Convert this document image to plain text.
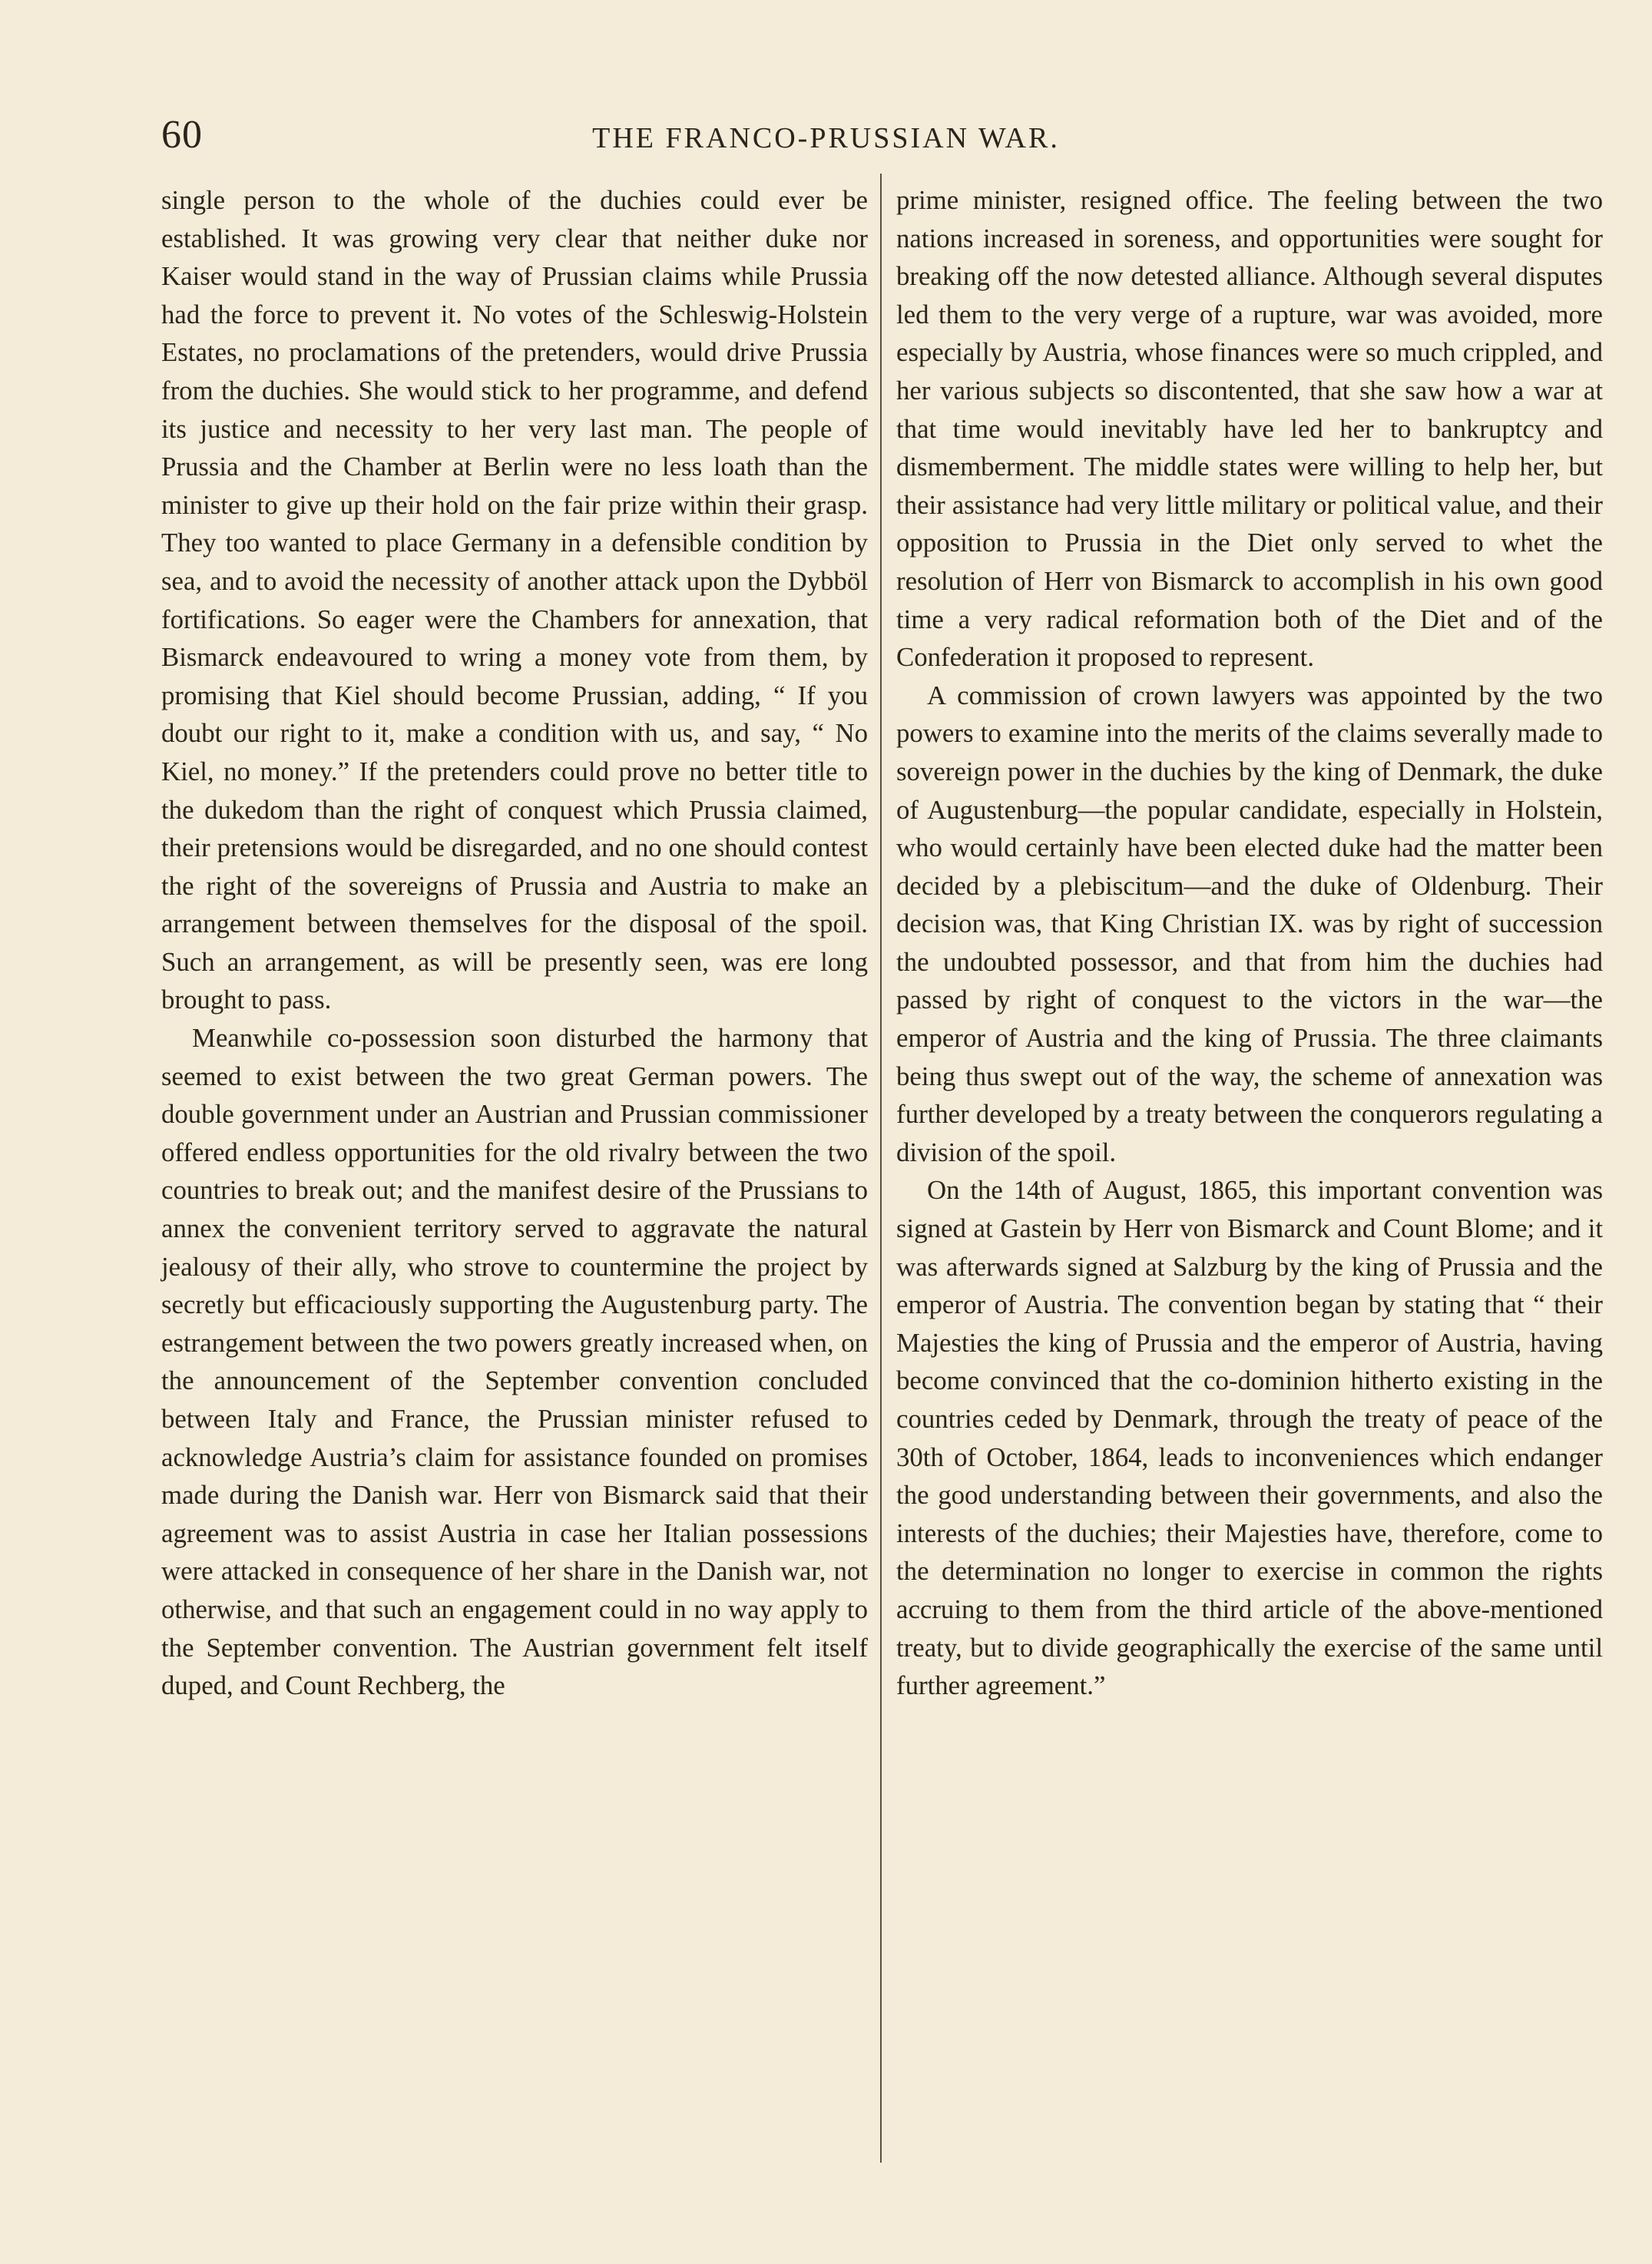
60	THE FRANCO-PRUSSIAN WAR.

single person to the whole of the duchies could ever be established. It was growing very clear that neither duke nor Kaiser would stand in the way of Prussian claims while Prussia had the force to prevent it. No votes of the Schleswig-Holstein Estates, no proclamations of the pretenders, would drive Prussia from the duchies. She would stick to her programme, and defend its justice and necessity to her very last man. The people of Prussia and the Chamber at Berlin were no less loath than the minister to give up their hold on the fair prize within their grasp. They too wanted to place Germany in a defensible condition by sea, and to avoid the necessity of another attack upon the Dybböl fortifications. So eager were the Chambers for annexation, that Bismarck endeavoured to wring a money vote from them, by promising that Kiel should become Prussian, adding, “ If you doubt our right to it, make a condition with us, and say, “ No Kiel, no money.” If the pretenders could prove no better title to the dukedom than the right of conquest which Prussia claimed, their pretensions would be disregarded, and no one should contest the right of the sovereigns of Prussia and Austria to make an arrangement between themselves for the disposal of the spoil. Such an arrangement, as will be presently seen, was ere long brought to pass.

Meanwhile co-possession soon disturbed the harmony that seemed to exist between the two great German powers. The double government under an Austrian and Prussian commissioner offered endless opportunities for the old rivalry between the two countries to break out; and the manifest desire of the Prussians to annex the convenient territory served to aggravate the natural jealousy of their ally, who strove to countermine the project by secretly but efficaciously supporting the Augustenburg party. The estrangement between the two powers greatly increased when, on the announcement of the September convention concluded between Italy and France, the Prussian minister refused to acknowledge Austria’s claim for assistance founded on promises made during the Danish war. Herr von Bismarck said that their agreement was to assist Austria in case her Italian possessions were attacked in consequence of her share in the Danish war, not otherwise, and that such an engagement could in no way apply to the September convention. The Austrian government felt itself duped, and Count Rechberg, the

prime minister, resigned office. The feeling between the two nations increased in soreness, and opportunities were sought for breaking off the now detested alliance. Although several disputes led them to the very verge of a rupture, war was avoided, more especially by Austria, whose finances were so much crippled, and her various subjects so discontented, that she saw how a war at that time would inevitably have led her to bankruptcy and dismemberment. The middle states were willing to help her, but their assistance had very little military or political value, and their opposition to Prussia in the Diet only served to whet the resolution of Herr von Bismarck to accomplish in his own good time a very radical reformation both of the Diet and of the Confederation it proposed to represent.

A commission of crown lawyers was appointed by the two powers to examine into the merits of the claims severally made to sovereign power in the duchies by the king of Denmark, the duke of Augustenburg—the popular candidate, especially in Holstein, who would certainly have been elected duke had the matter been decided by a plebiscitum—and the duke of Oldenburg. Their decision was, that King Christian IX. was by right of succession the undoubted possessor, and that from him the duchies had passed by right of conquest to the victors in the war—the emperor of Austria and the king of Prussia. The three claimants being thus swept out of the way, the scheme of annexation was further developed by a treaty between the conquerors regulating a division of the spoil.

On the 14th of August, 1865, this important convention was signed at Gastein by Herr von Bismarck and Count Blome; and it was afterwards signed at Salzburg by the king of Prussia and the emperor of Austria. The convention began by stating that “ their Majesties the king of Prussia and the emperor of Austria, having become convinced that the co-dominion hitherto existing in the countries ceded by Denmark, through the treaty of peace of the 30th of October, 1864, leads to inconveniences which endanger the good understanding between their governments, and also the interests of the duchies; their Majesties have, therefore, come to the determination no longer to exercise in common the rights accruing to them from the third article of the above-mentioned treaty, but to divide geographically the exercise of the same until further agreement.”
